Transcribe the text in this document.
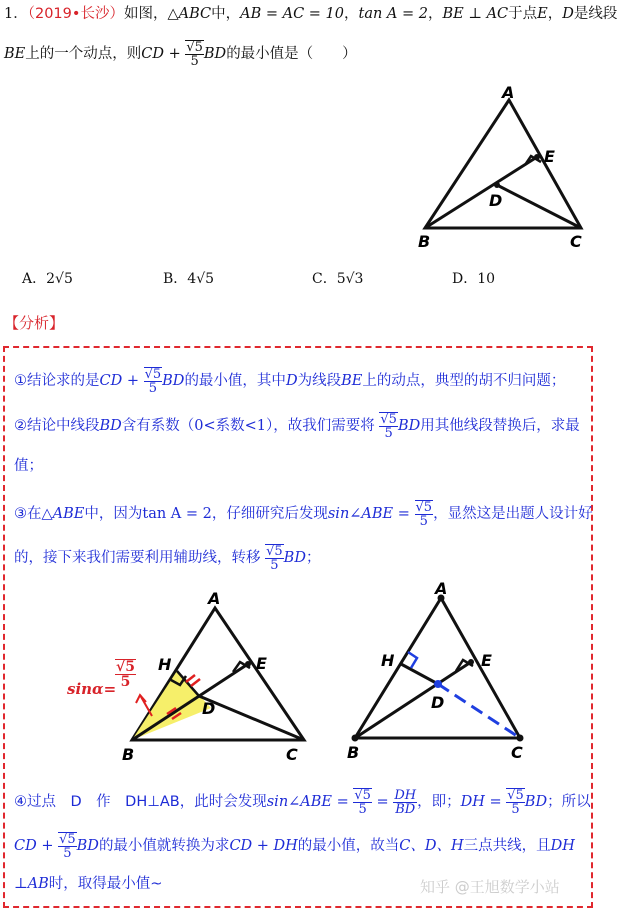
1．（2019•长沙）如图，△ABC中，AB = AC = 10，tan A = 2，BE ⊥ AC于点E，D是线段
BE上的一个动点，则CD + $\frac{√5}{5}$ BD的最小值是（　　）
A
E
D
B	C
A．2√5	B．4√5	C．5√3	D．10
【分析】
①结论求的是CD + $\frac{√5}{5}$ BD的最小值，其中D为线段BE上的动点，典型的胡不归问题；
②结论中线段BD含有系数（0<系数<1），故我们需要将 $\frac{√5}{5}$ BD用其他线段替换后，求最
值；
③在△ABE中，因为tan A = 2，仔细研究后发现sin∠ABE = $\frac{√5}{5}$ ，显然这是出题人设计好
的，接下来我们需要利用辅助线，转移 $\frac{√5}{5}$ BD；
A
H	E
D
B	C
sinα=
$\frac{√5}{5}$
A
H	E
D
B	C
④过点　D　作　DH⊥AB，此时会发现sin∠ABE = $\frac{√5}{5} = \frac{DH}{BD}$ ，即；DH = $\frac{√5}{5}$ BD；所以
CD + $\frac{√5}{5}$ BD的最小值就转换为求CD + DH的最小值，故当C、D、H三点共线，且DH
⊥AB时，取得最小值~	知乎 @王旭数学小站
